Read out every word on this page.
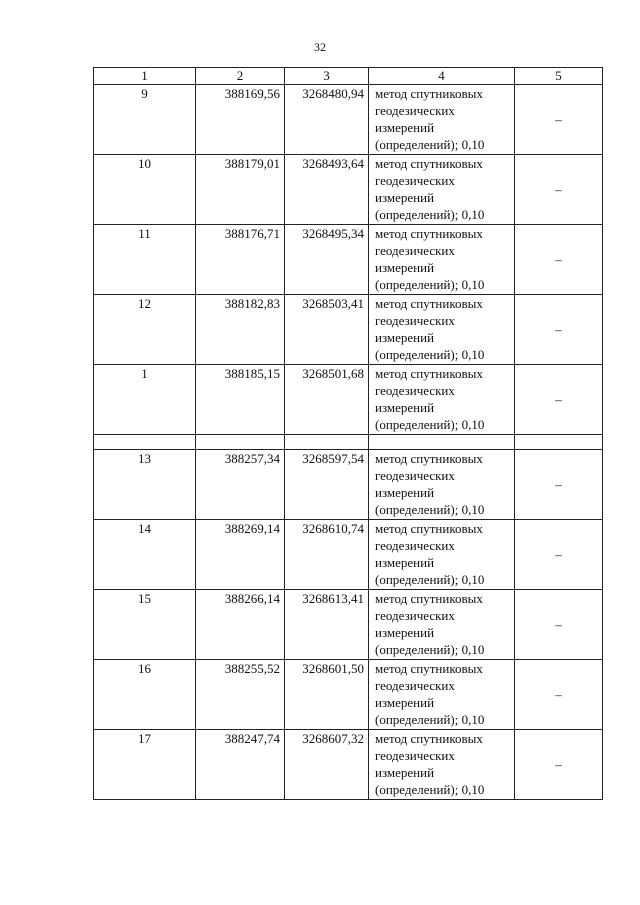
32
1	2	3	4	5
9	388169,56	3268480,94	метод спутниковых
геодезических
измерений
(определений); 0,10	–
10	388179,01	3268493,64	метод спутниковых
геодезических
измерений
(определений); 0,10	–
11	388176,71	3268495,34	метод спутниковых
геодезических
измерений
(определений); 0,10	–
12	388182,83	3268503,41	метод спутниковых
геодезических
измерений
(определений); 0,10	–
1	388185,15	3268501,68	метод спутниковых
геодезических
измерений
(определений); 0,10	–

13	388257,34	3268597,54	метод спутниковых
геодезических
измерений
(определений); 0,10	–
14	388269,14	3268610,74	метод спутниковых
геодезических
измерений
(определений); 0,10	–
15	388266,14	3268613,41	метод спутниковых
геодезических
измерений
(определений); 0,10	–
16	388255,52	3268601,50	метод спутниковых
геодезических
измерений
(определений); 0,10	–
17	388247,74	3268607,32	метод спутниковых
геодезических
измерений
(определений); 0,10	–
